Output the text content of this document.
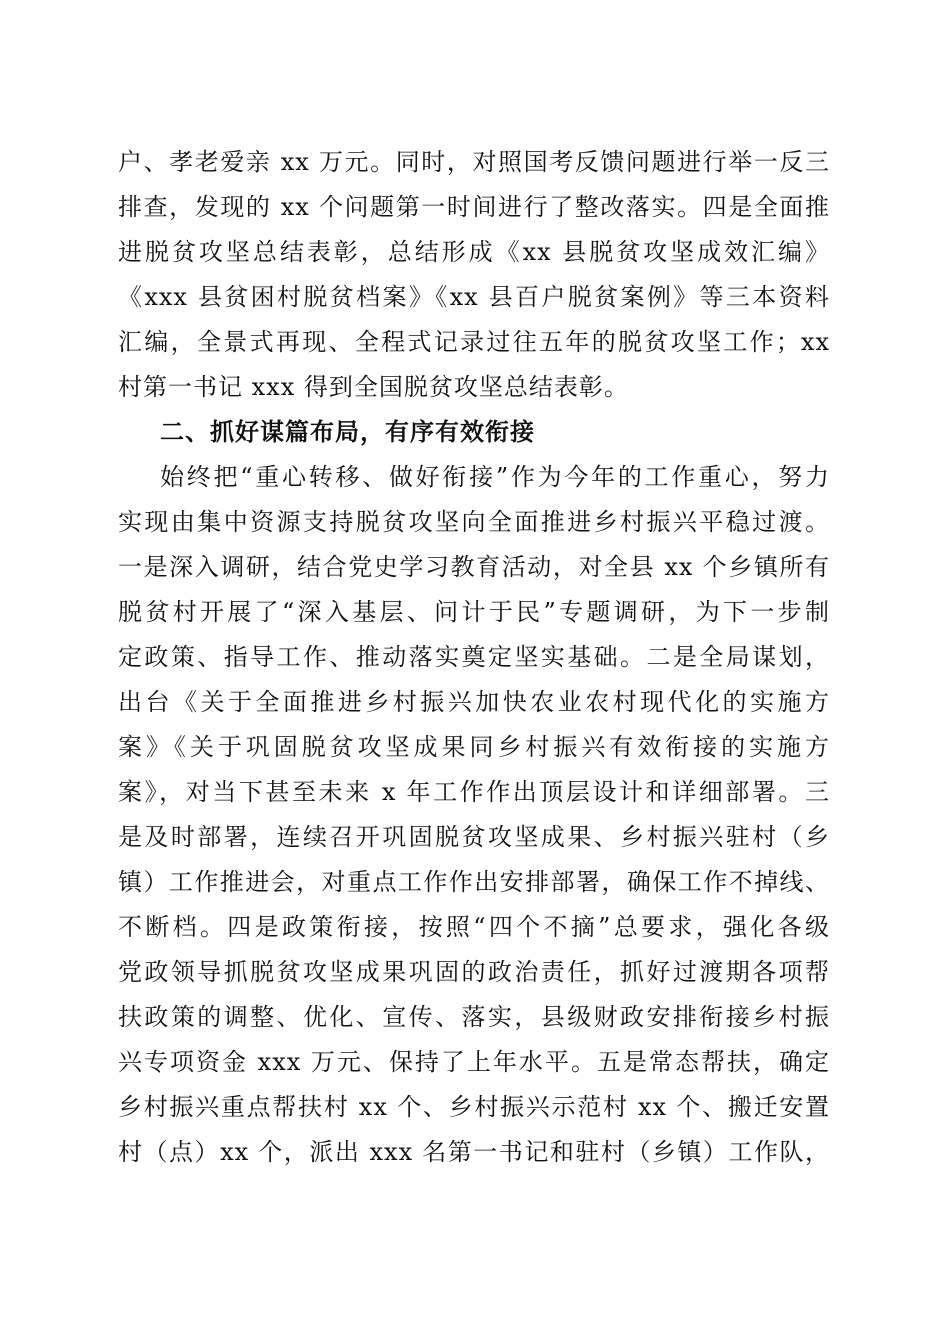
户、孝老爱亲 xx 万元。同时，对照国考反馈问题进行举一反三
排查，发现的 xx 个问题第一时间进行了整改落实。四是全面推
进脱贫攻坚总结表彰，总结形成《xx 县脱贫攻坚成效汇编》
《xxx 县贫困村脱贫档案》《xx 县百户脱贫案例》等三本资料
汇编，全景式再现、全程式记录过往五年的脱贫攻坚工作；xx
村第一书记 xxx 得到全国脱贫攻坚总结表彰。
二、抓好谋篇布局，有序有效衔接
始终把“重心转移、做好衔接”作为今年的工作重心，努力
实现由集中资源支持脱贫攻坚向全面推进乡村振兴平稳过渡。
一是深入调研，结合党史学习教育活动，对全县 xx 个乡镇所有
脱贫村开展了“深入基层、问计于民”专题调研，为下一步制
定政策、指导工作、推动落实奠定坚实基础。二是全局谋划，
出台《关于全面推进乡村振兴加快农业农村现代化的实施方
案》《关于巩固脱贫攻坚成果同乡村振兴有效衔接的实施方
案》，对当下甚至未来 x 年工作作出顶层设计和详细部署。三
是及时部署，连续召开巩固脱贫攻坚成果、乡村振兴驻村（乡
镇）工作推进会，对重点工作作出安排部署，确保工作不掉线、
不断档。四是政策衔接，按照“四个不摘”总要求，强化各级
党政领导抓脱贫攻坚成果巩固的政治责任，抓好过渡期各项帮
扶政策的调整、优化、宣传、落实，县级财政安排衔接乡村振
兴专项资金 xxx 万元、保持了上年水平。五是常态帮扶，确定
乡村振兴重点帮扶村 xx 个、乡村振兴示范村 xx 个、搬迁安置
村（点）xx 个，派出 xxx 名第一书记和驻村（乡镇）工作队，
